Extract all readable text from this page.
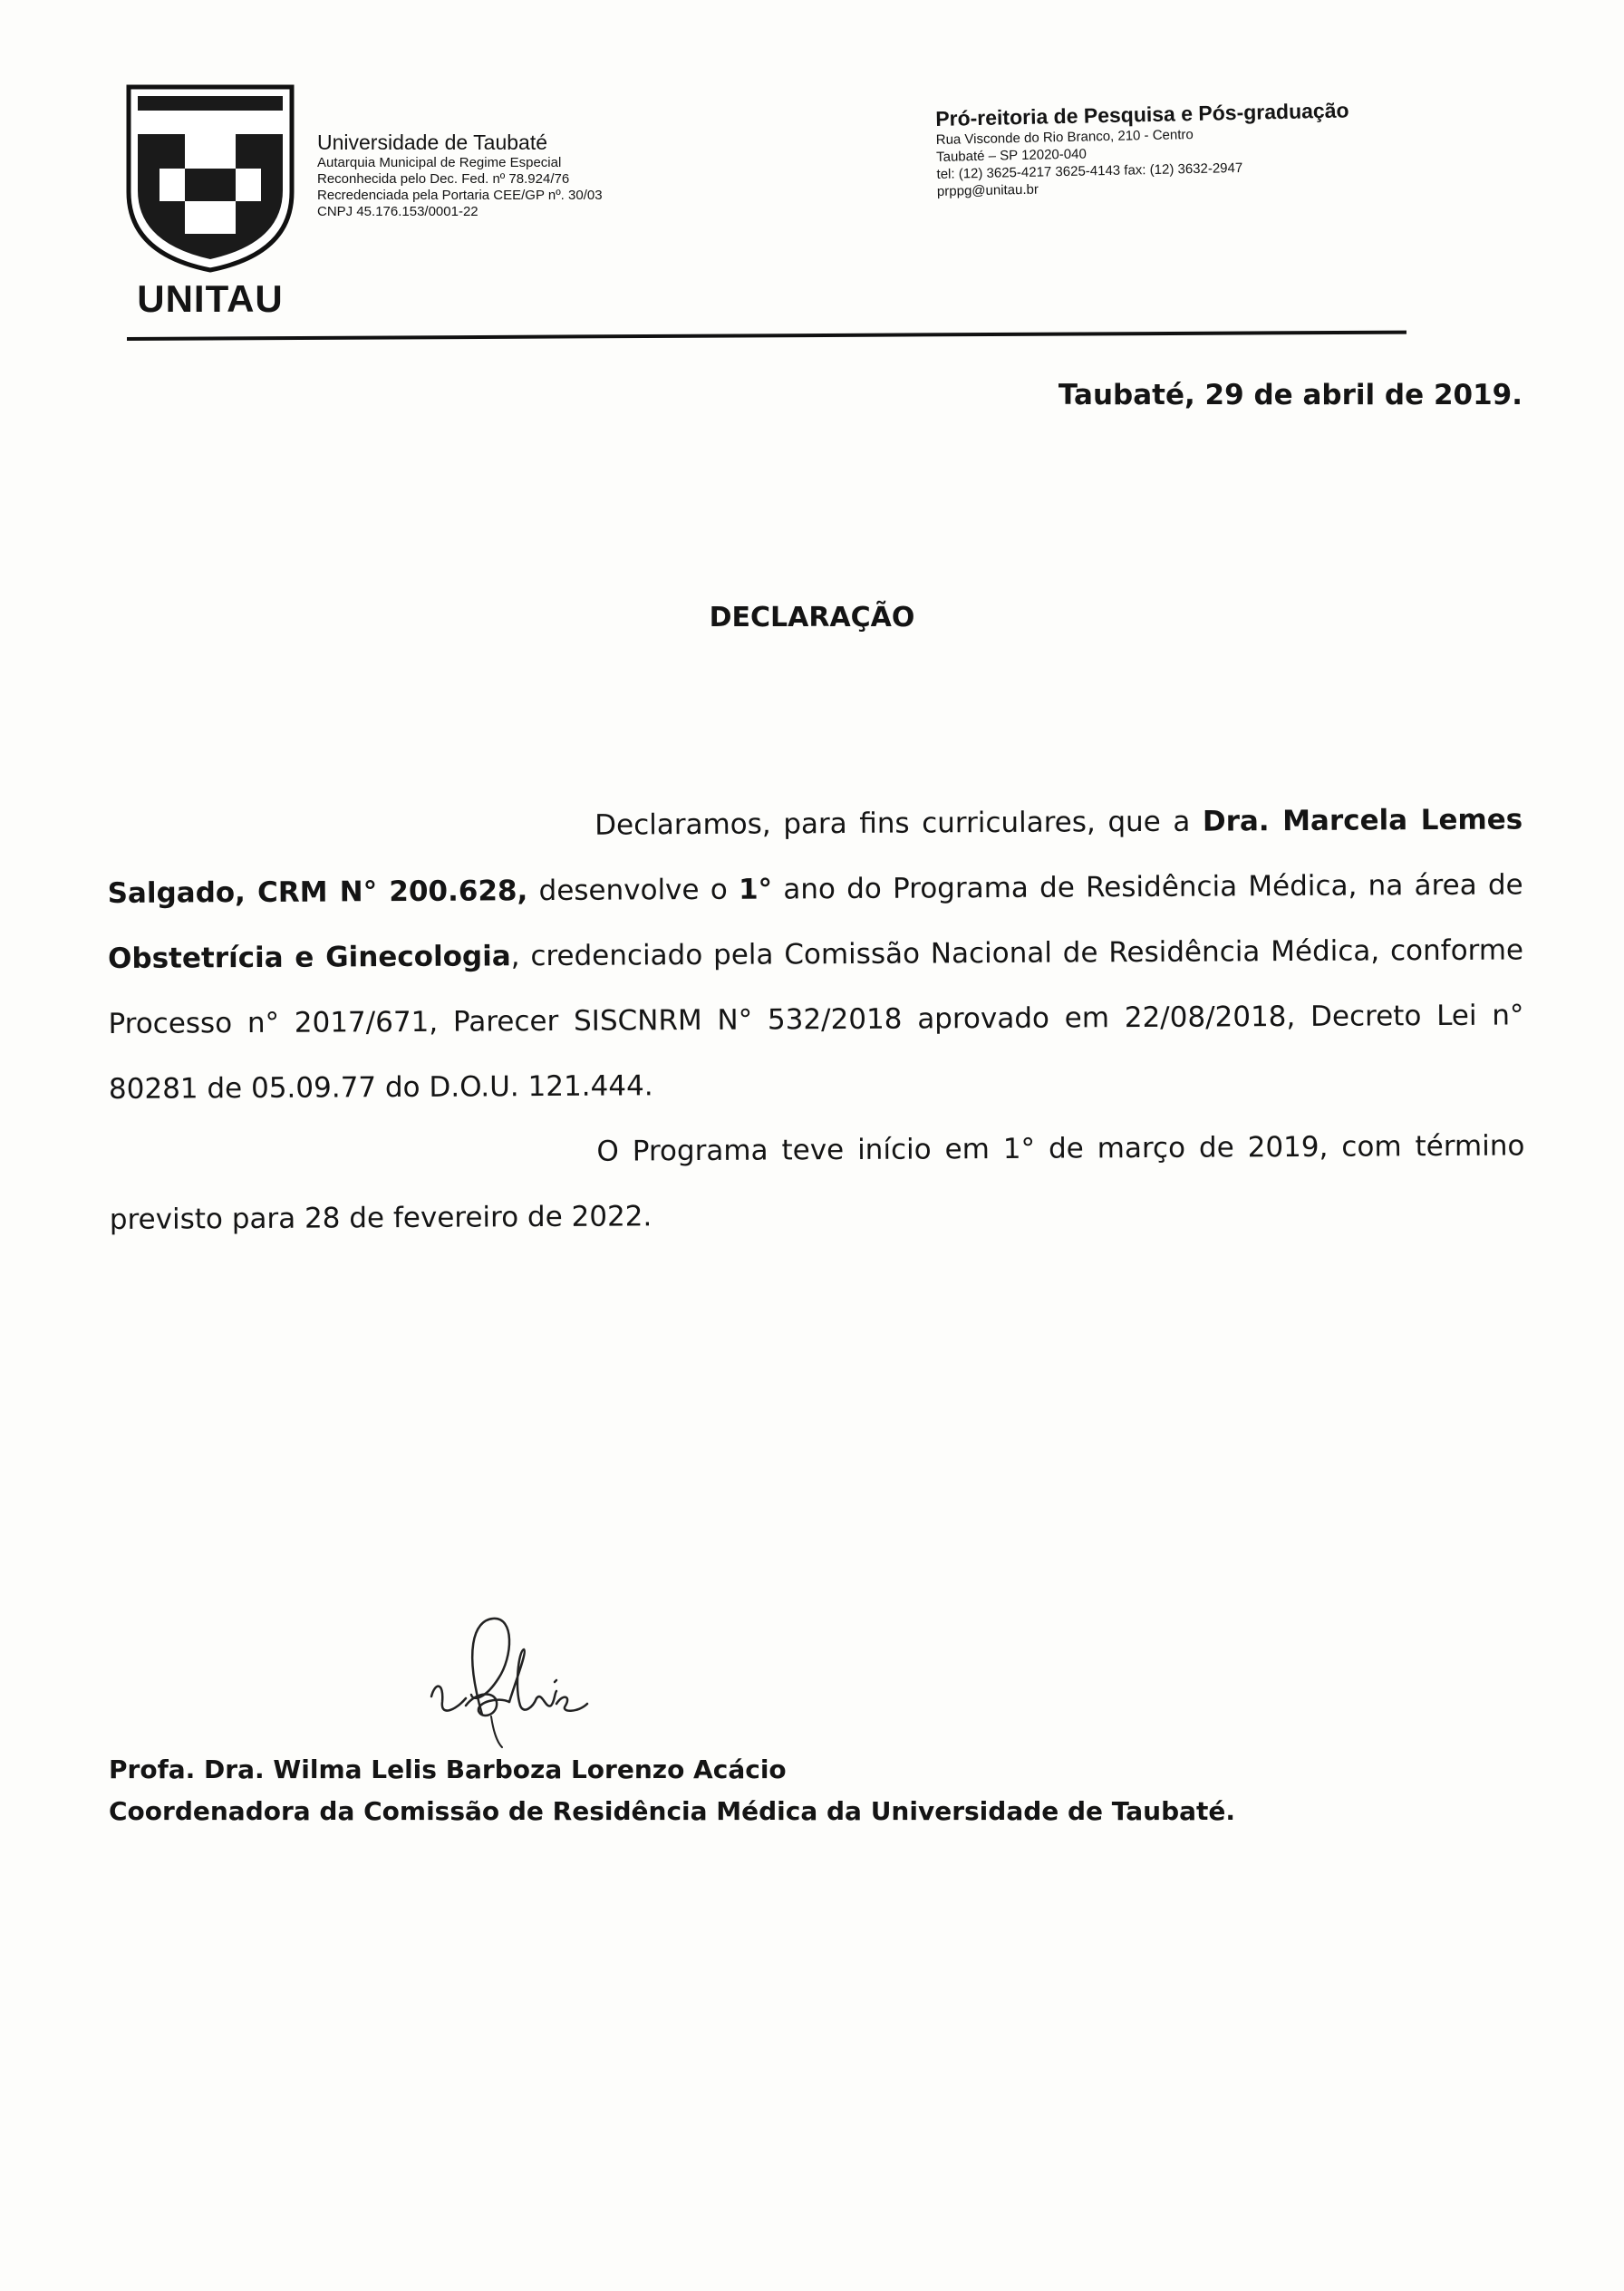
UNITAU
Universidade de Taubaté
Autarquia Municipal de Regime Especial
Reconhecida pelo Dec. Fed. nº 78.924/76
Recredenciada pela Portaria CEE/GP nº. 30/03
CNPJ 45.176.153/0001-22
Pró-reitoria de Pesquisa e Pós-graduação
Rua Visconde do Rio Branco, 210 - Centro
Taubaté – SP 12020-040
tel: (12) 3625-4217 3625-4143 fax: (12) 3632-2947
prppg@unitau.br
Taubaté, 29 de abril de 2019.
DECLARAÇÃO

Declaramos, para fins curriculares, que a Dra. Marcela Lemes Salgado, CRM N° 200.628, desenvolve o 1° ano do Programa de Residência Médica, na área de Obstetrícia e Ginecologia, credenciado pela Comissão Nacional de Residência Médica, conforme Processo n° 2017/671, Parecer SISCNRM N° 532/2018 aprovado em 22/08/2018, Decreto Lei n° 80281 de 05.09.77 do D.O.U. 121.444.

O Programa teve início em 1° de março de 2019, com término previsto para 28 de fevereiro de 2022.

Profa. Dra. Wilma Lelis Barboza Lorenzo Acácio
Coordenadora da Comissão de Residência Médica da Universidade de Taubaté.
